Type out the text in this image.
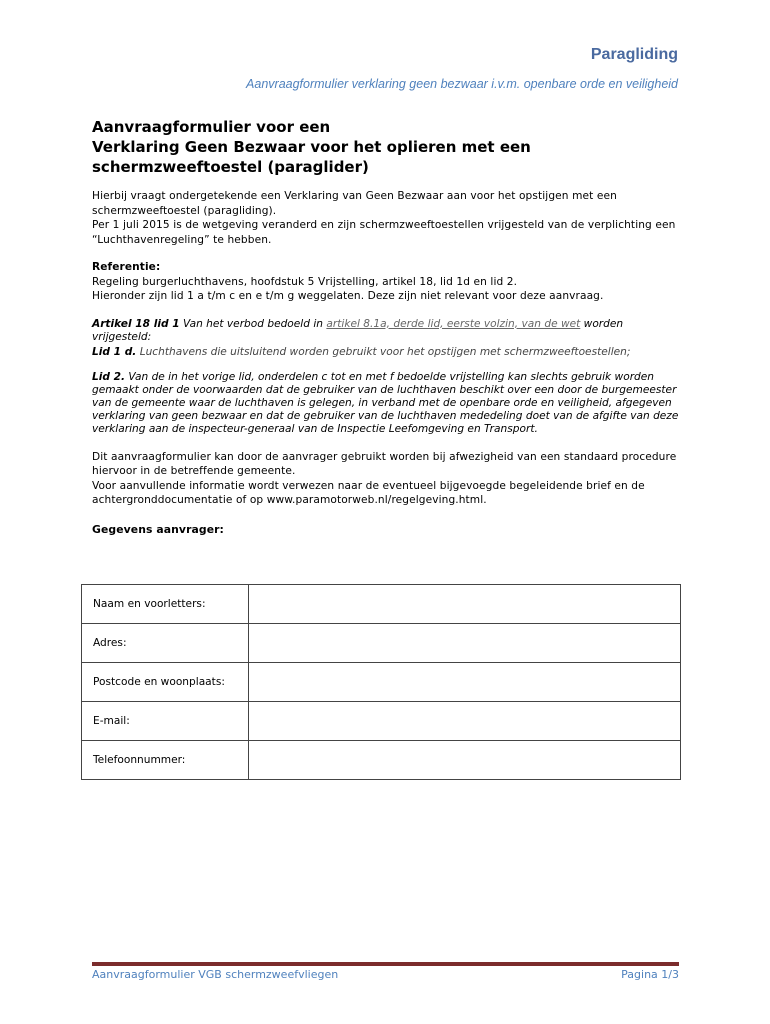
Paragliding
Aanvraagformulier verklaring geen bezwaar i.v.m. openbare orde en veiligheid
Aanvraagformulier voor een
Verklaring Geen Bezwaar voor het oplieren met een
schermzweeftoestel (paraglider)

Hierbij vraagt ondergetekende een Verklaring van Geen Bezwaar aan voor het opstijgen met een schermzweeftoestel (paragliding).

Per 1 juli 2015 is de wetgeving veranderd en zijn schermzweeftoestellen vrijgesteld van de verplichting een “Luchthavenregeling” te hebben.

Referentie:

Regeling burgerluchthavens, hoofdstuk 5 Vrijstelling, artikel 18, lid 1d en lid 2.

Hieronder zijn lid 1 a t/m c en e t/m g weggelaten. Deze zijn niet relevant voor deze aanvraag.

Artikel 18 lid 1 Van het verbod bedoeld in artikel 8.1a, derde lid, eerste volzin, van de wet worden vrijgesteld:
Lid 1 d. Luchthavens die uitsluitend worden gebruikt voor het opstijgen met schermzweeftoestellen;
Lid 2. Van de in het vorige lid, onderdelen c tot en met f bedoelde vrijstelling kan slechts gebruik worden gemaakt onder de voorwaarden dat de gebruiker van de luchthaven beschikt over een door de burgemeester van de gemeente waar de luchthaven is gelegen, in verband met de openbare orde en veiligheid, afgegeven verklaring van geen bezwaar en dat de gebruiker van de luchthaven mededeling doet van de afgifte van deze verklaring aan de inspecteur-generaal van de Inspectie Leefomgeving en Transport.

Dit aanvraagformulier kan door de aanvrager gebruikt worden bij afwezigheid van een standaard procedure hiervoor in de betreffende gemeente.

Voor aanvullende informatie wordt verwezen naar de eventueel bijgevoegde begeleidende brief en de achtergronddocumentatie of op www.paramotorweb.nl/regelgeving.html.

Gegevens aanvrager:

Naam en voorletters:	
Adres:	
Postcode en woonplaats:	
E-mail:	
Telefoonnummer:	
Aanvraagformulier VGB schermzweefvliegen	Pagina 1/3
